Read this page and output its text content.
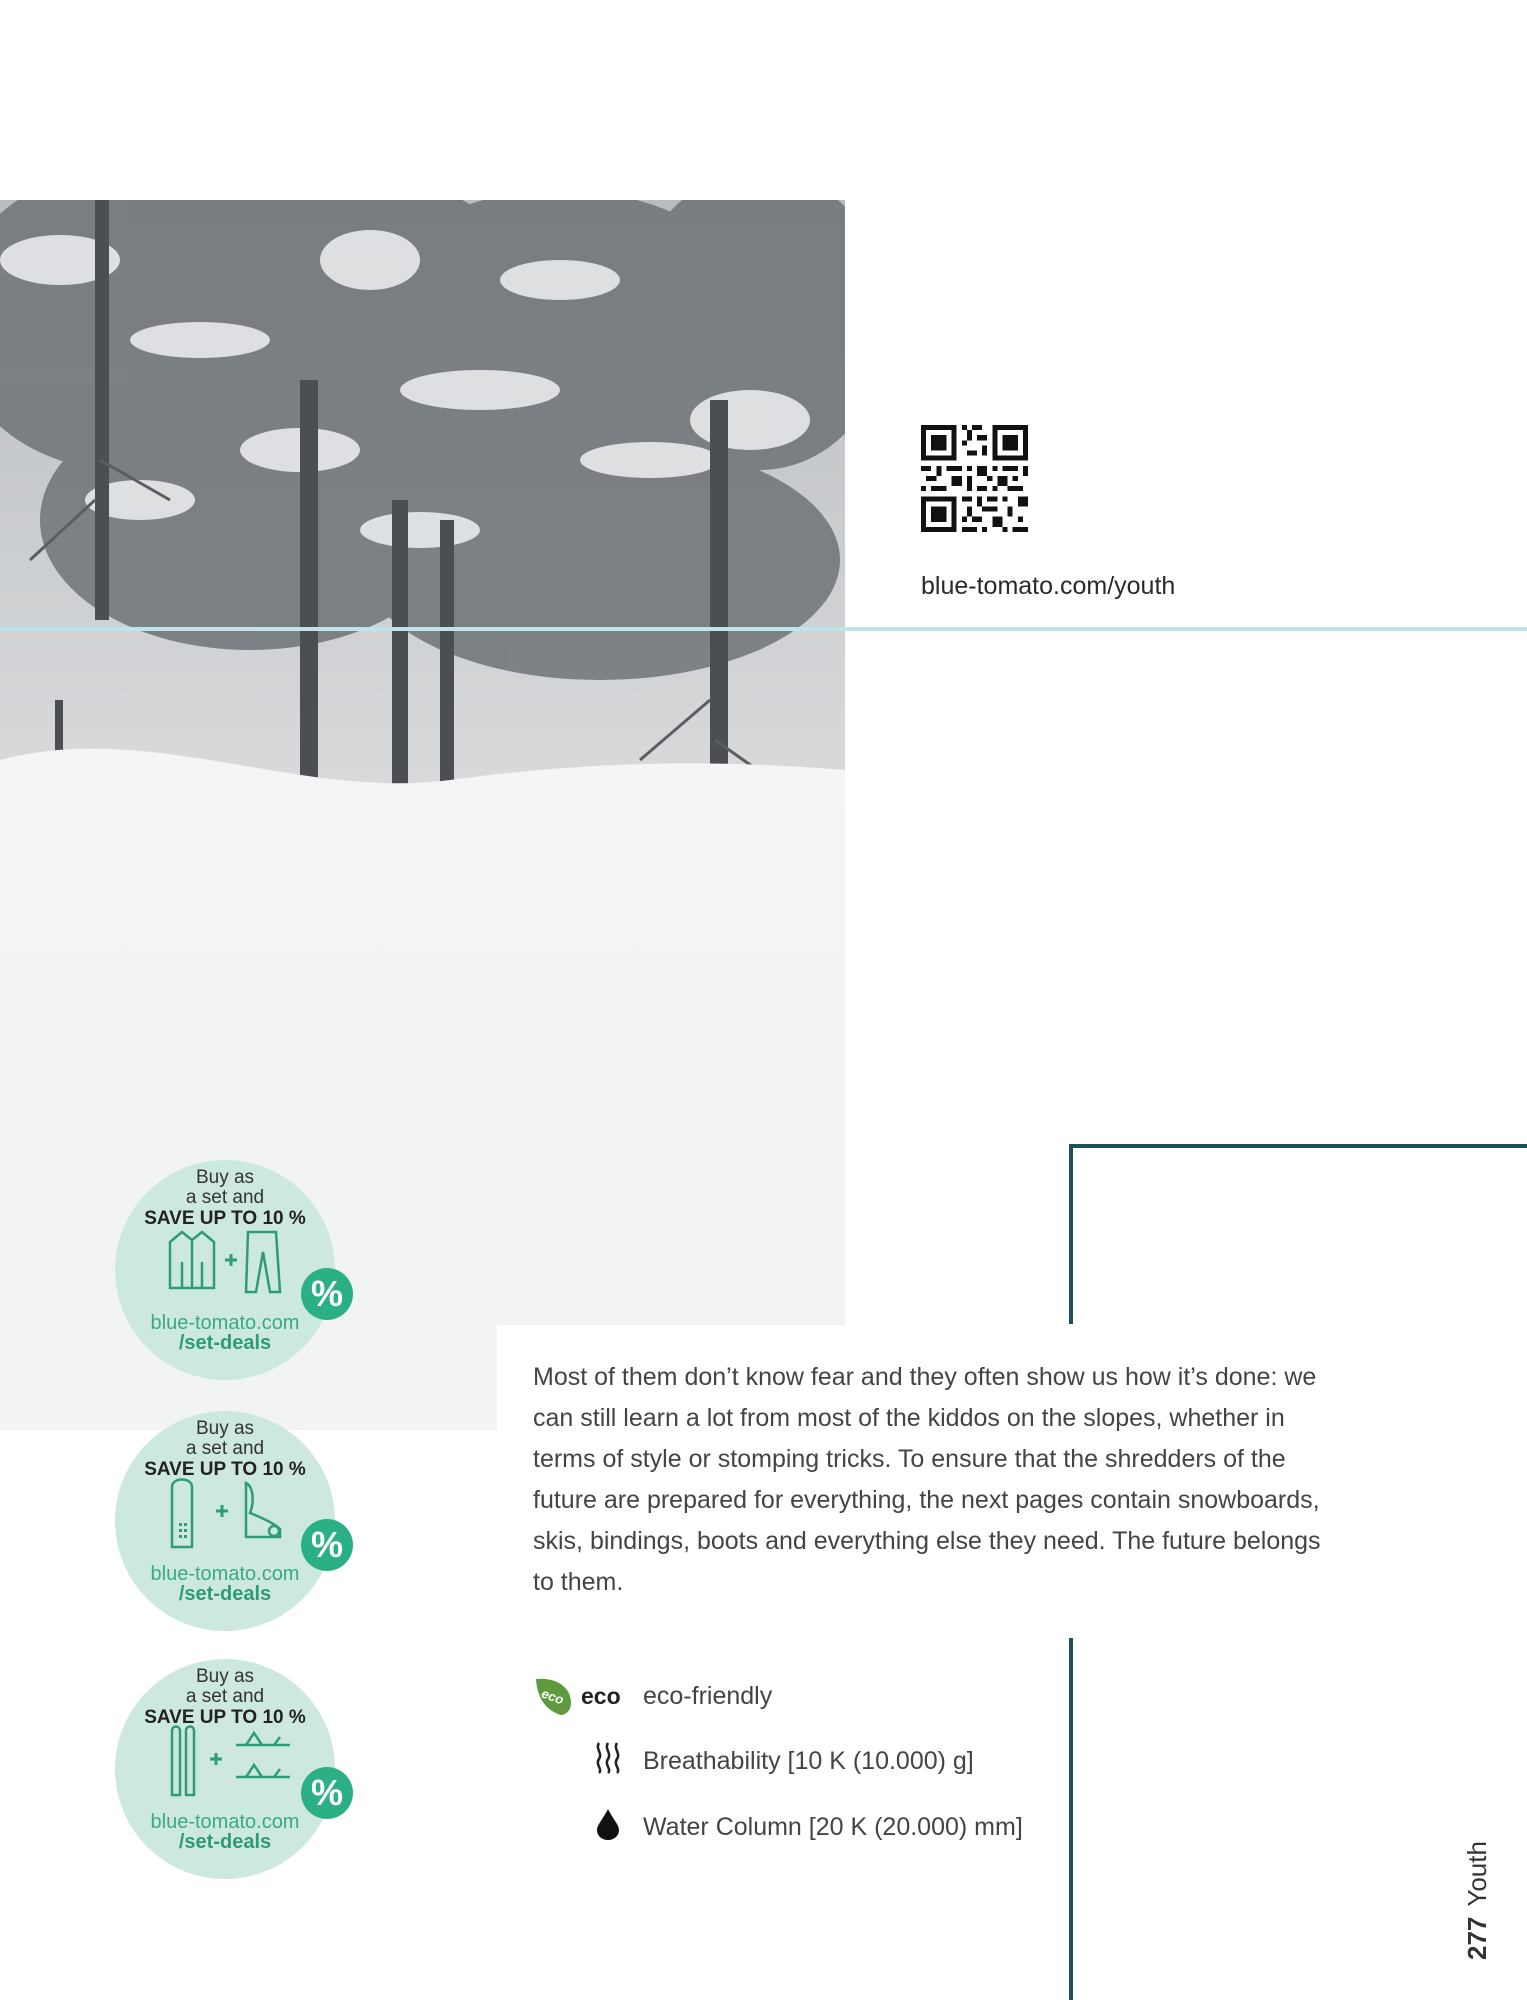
blue-tomato.com/youth
Most of them don’t know fear and they often show us how it’s done: we can still learn a lot from most of the kiddos on the slopes, whether in terms of style or stomping tricks. To ensure that the shredders of the future are prepared for everything, the next pages contain snowboards, skis, bindings, boots and everything else they need. The future belongs to them.
eco eco eco-friendly
Breathability [10 K (10.000) g]
Water Column [20 K (20.000) mm]
Buy as
a set and
SAVE UP TO 10 %
%
blue-tomato.com
/set-deals
Buy as
a set and
SAVE UP TO 10 %
%
blue-tomato.com
/set-deals
Buy as
a set and
SAVE UP TO 10 %
%
blue-tomato.com
/set-deals
277Youth
